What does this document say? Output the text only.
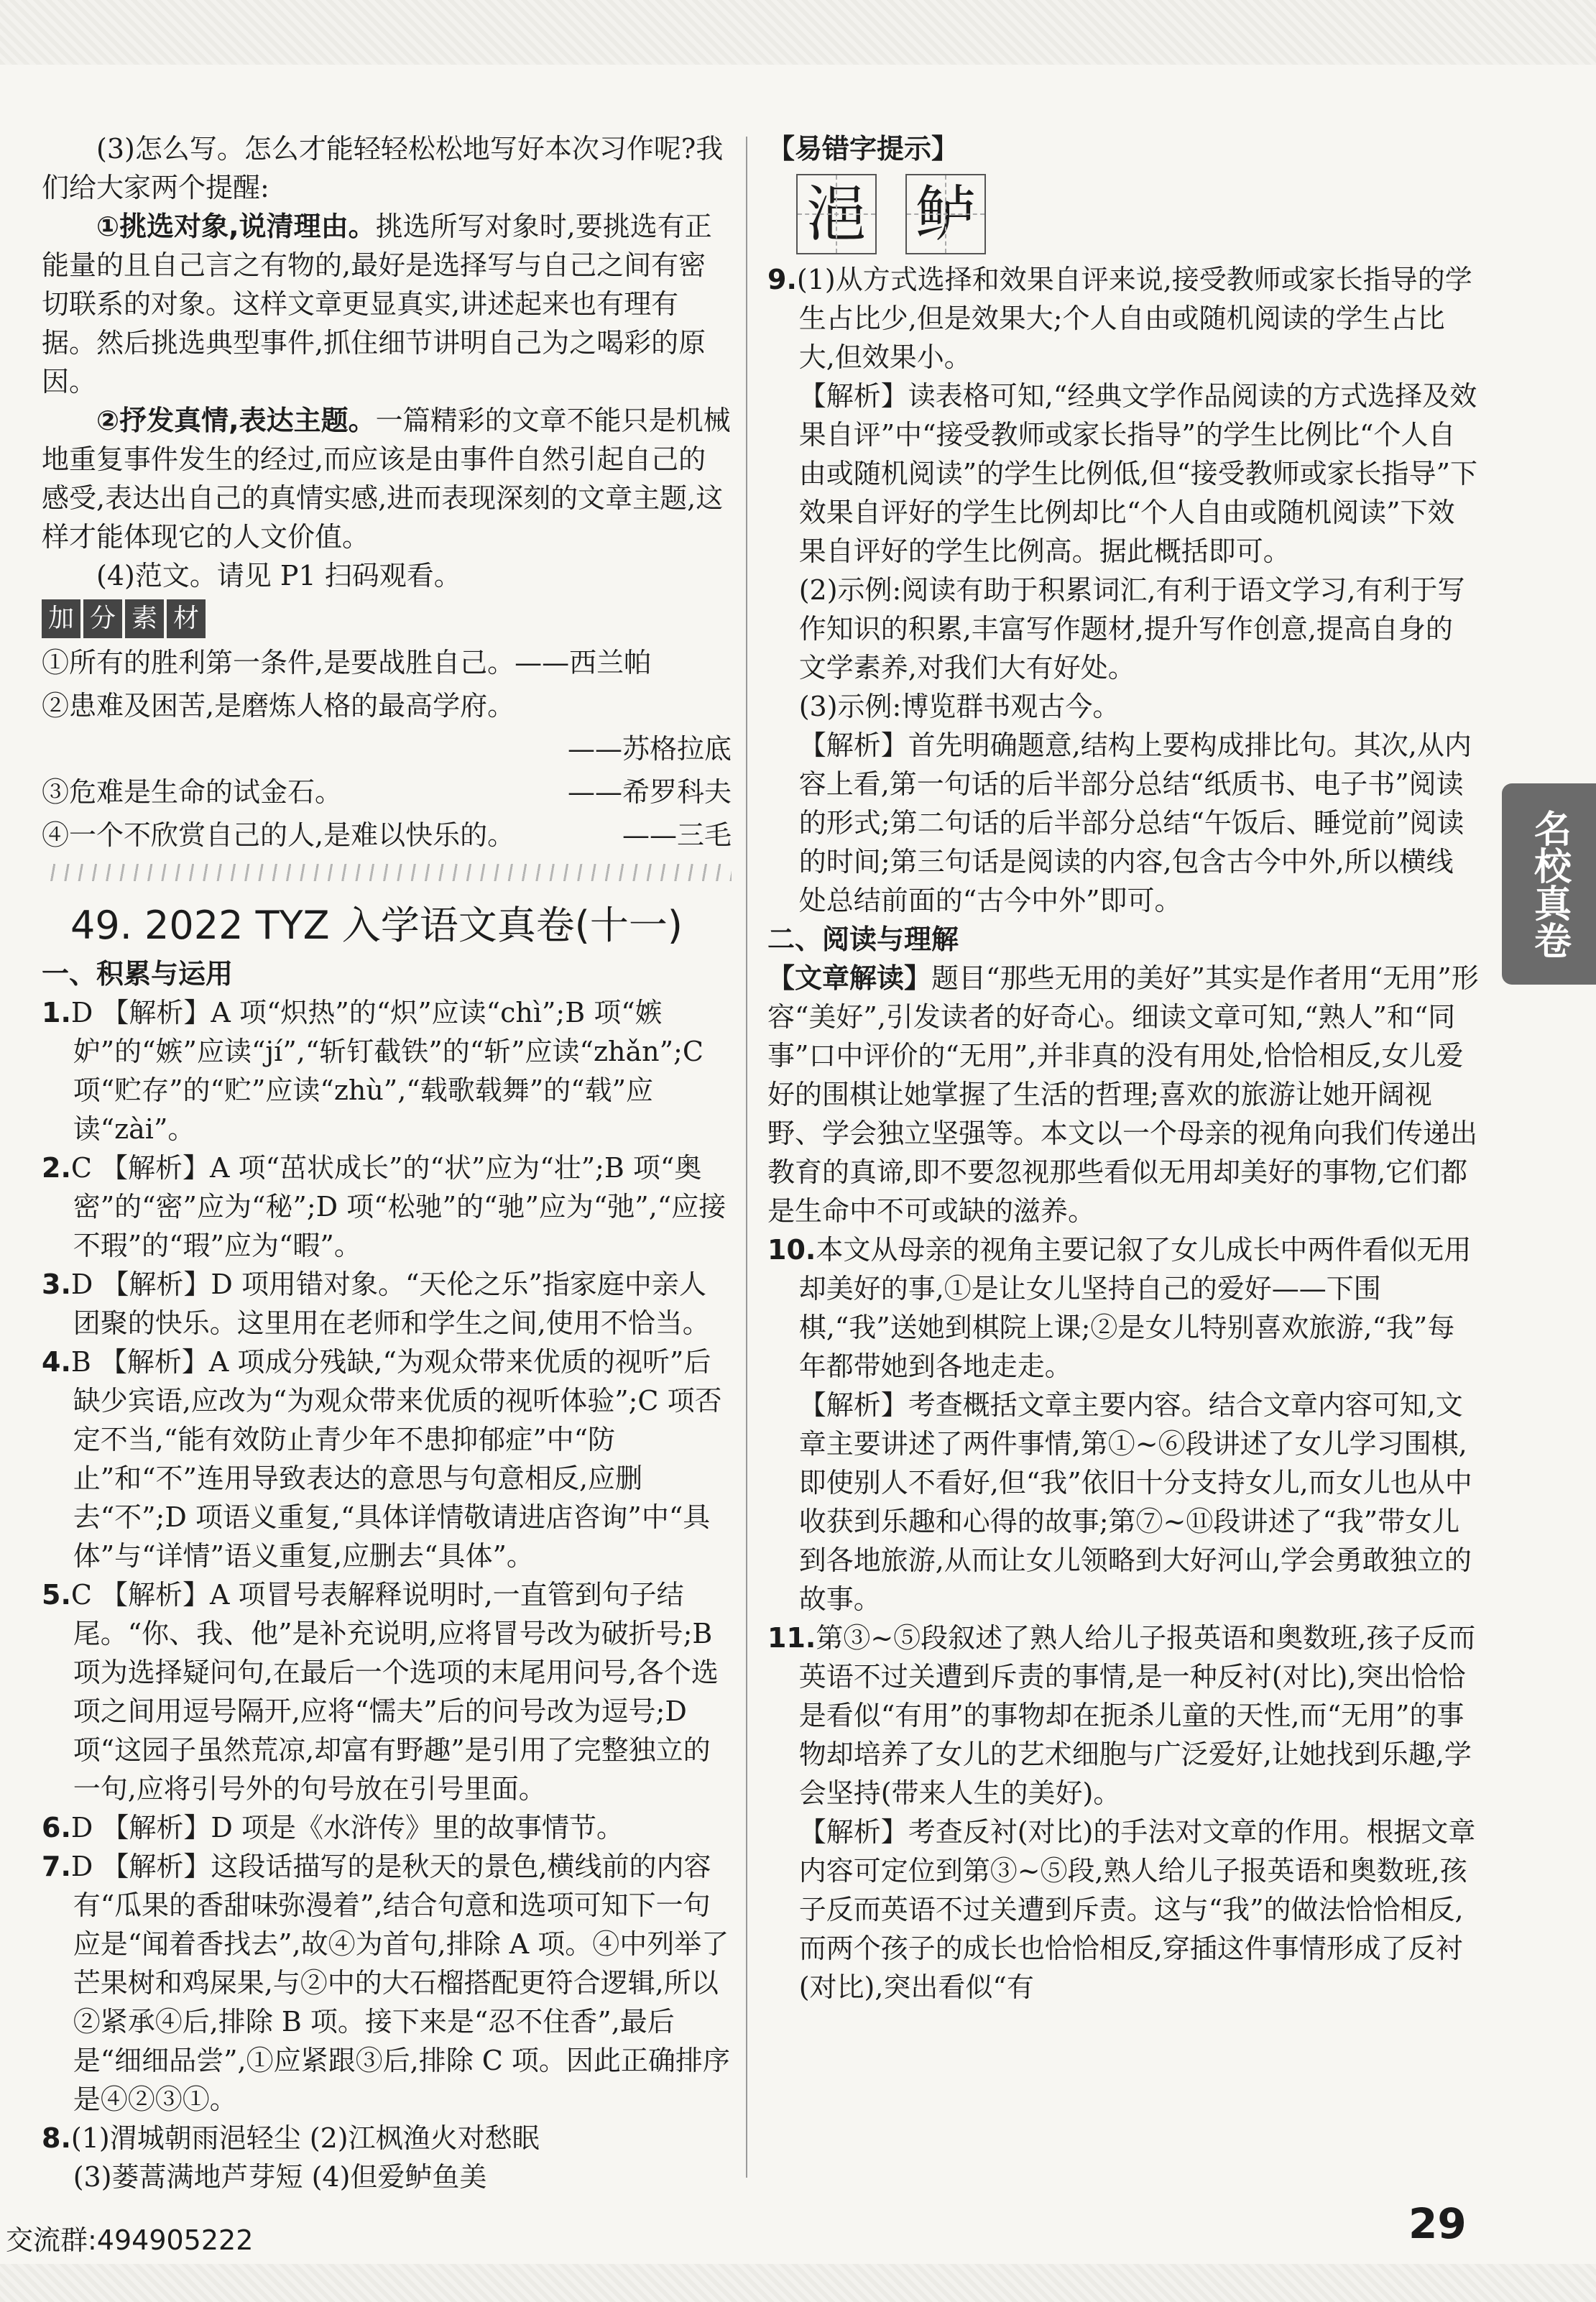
名校真卷

(3)怎么写。怎么才能轻轻松松地写好本次习作呢?我们给大家两个提醒:

①挑选对象,说清理由。挑选所写对象时,要挑选有正能量的且自己言之有物的,最好是选择写与自己之间有密切联系的对象。这样文章更显真实,讲述起来也有理有据。然后挑选典型事件,抓住细节讲明自己为之喝彩的原因。

②抒发真情,表达主题。一篇精彩的文章不能只是机械地重复事件发生的经过,而应该是由事件自然引起自己的感受,表达出自己的真情实感,进而表现深刻的文章主题,这样才能体现它的人文价值。

(4)范文。请见 P1 扫码观看。

加 分 素 材

①所有的胜利第一条件,是要战胜自己。——西兰帕

②患难及困苦,是磨炼人格的最高学府。

——苏格拉底

③危难是生命的试金石。	——希罗科夫

④一个不欣赏自己的人,是难以快乐的。	——三毛

49. 2022 TYZ 入学语文真卷(十一)

一、积累与运用

1.D 【解析】A 项“炽热”的“炽”应读“chì”;B 项“嫉妒”的“嫉”应读“jí”,“斩钉截铁”的“斩”应读“zhǎn”;C 项“贮存”的“贮”应读“zhù”,“载歌载舞”的“载”应读“zài”。

2.C 【解析】A 项“茁状成长”的“状”应为“壮”;B 项“奥密”的“密”应为“秘”;D 项“松驰”的“驰”应为“弛”,“应接不瑕”的“瑕”应为“暇”。

3.D 【解析】D 项用错对象。“天伦之乐”指家庭中亲人团聚的快乐。这里用在老师和学生之间,使用不恰当。

4.B 【解析】A 项成分残缺,“为观众带来优质的视听”后缺少宾语,应改为“为观众带来优质的视听体验”;C 项否定不当,“能有效防止青少年不患抑郁症”中“防止”和“不”连用导致表达的意思与句意相反,应删去“不”;D 项语义重复,“具体详情敬请进店咨询”中“具体”与“详情”语义重复,应删去“具体”。

5.C 【解析】A 项冒号表解释说明时,一直管到句子结尾。“你、我、他”是补充说明,应将冒号改为破折号;B 项为选择疑问句,在最后一个选项的末尾用问号,各个选项之间用逗号隔开,应将“懦夫”后的问号改为逗号;D 项“这园子虽然荒凉,却富有野趣”是引用了完整独立的一句,应将引号外的句号放在引号里面。

6.D 【解析】D 项是《水浒传》里的故事情节。

7.D 【解析】这段话描写的是秋天的景色,横线前的内容有“瓜果的香甜味弥漫着”,结合句意和选项可知下一句应是“闻着香找去”,故④为首句,排除 A 项。④中列举了芒果树和鸡屎果,与②中的大石榴搭配更符合逻辑,所以②紧承④后,排除 B 项。接下来是“忍不住香”,最后是“细细品尝”,①应紧跟③后,排除 C 项。因此正确排序是④②③①。

8.(1)渭城朝雨浥轻尘 (2)江枫渔火对愁眠

(3)蒌蒿满地芦芽短 (4)但爱鲈鱼美

【易错字提示】

浥 鲈

9.(1)从方式选择和效果自评来说,接受教师或家长指导的学生占比少,但是效果大;个人自由或随机阅读的学生占比大,但效果小。

【解析】读表格可知,“经典文学作品阅读的方式选择及效果自评”中“接受教师或家长指导”的学生比例比“个人自由或随机阅读”的学生比例低,但“接受教师或家长指导”下效果自评好的学生比例却比“个人自由或随机阅读”下效果自评好的学生比例高。据此概括即可。

(2)示例:阅读有助于积累词汇,有利于语文学习,有利于写作知识的积累,丰富写作题材,提升写作创意,提高自身的文学素养,对我们大有好处。

(3)示例:博览群书观古今。

【解析】首先明确题意,结构上要构成排比句。其次,从内容上看,第一句话的后半部分总结“纸质书、电子书”阅读的形式;第二句话的后半部分总结“午饭后、睡觉前”阅读的时间;第三句话是阅读的内容,包含古今中外,所以横线处总结前面的“古今中外”即可。

二、阅读与理解

【文章解读】题目“那些无用的美好”其实是作者用“无用”形容“美好”,引发读者的好奇心。细读文章可知,“熟人”和“同事”口中评价的“无用”,并非真的没有用处,恰恰相反,女儿爱好的围棋让她掌握了生活的哲理;喜欢的旅游让她开阔视野、学会独立坚强等。本文以一个母亲的视角向我们传递出教育的真谛,即不要忽视那些看似无用却美好的事物,它们都是生命中不可或缺的滋养。

10.本文从母亲的视角主要记叙了女儿成长中两件看似无用却美好的事,①是让女儿坚持自己的爱好——下围棋,“我”送她到棋院上课;②是女儿特别喜欢旅游,“我”每年都带她到各地走走。

【解析】考查概括文章主要内容。结合文章内容可知,文章主要讲述了两件事情,第①~⑥段讲述了女儿学习围棋,即使别人不看好,但“我”依旧十分支持女儿,而女儿也从中收获到乐趣和心得的故事;第⑦~⑪段讲述了“我”带女儿到各地旅游,从而让女儿领略到大好河山,学会勇敢独立的故事。

11.第③~⑤段叙述了熟人给儿子报英语和奥数班,孩子反而英语不过关遭到斥责的事情,是一种反衬(对比),突出恰恰是看似“有用”的事物却在扼杀儿童的天性,而“无用”的事物却培养了女儿的艺术细胞与广泛爱好,让她找到乐趣,学会坚持(带来人生的美好)。

【解析】考查反衬(对比)的手法对文章的作用。根据文章内容可定位到第③~⑤段,熟人给儿子报英语和奥数班,孩子反而英语不过关遭到斥责。这与“我”的做法恰恰相反,而两个孩子的成长也恰恰相反,穿插这件事情形成了反衬(对比),突出看似“有

交流群:494905222	29
